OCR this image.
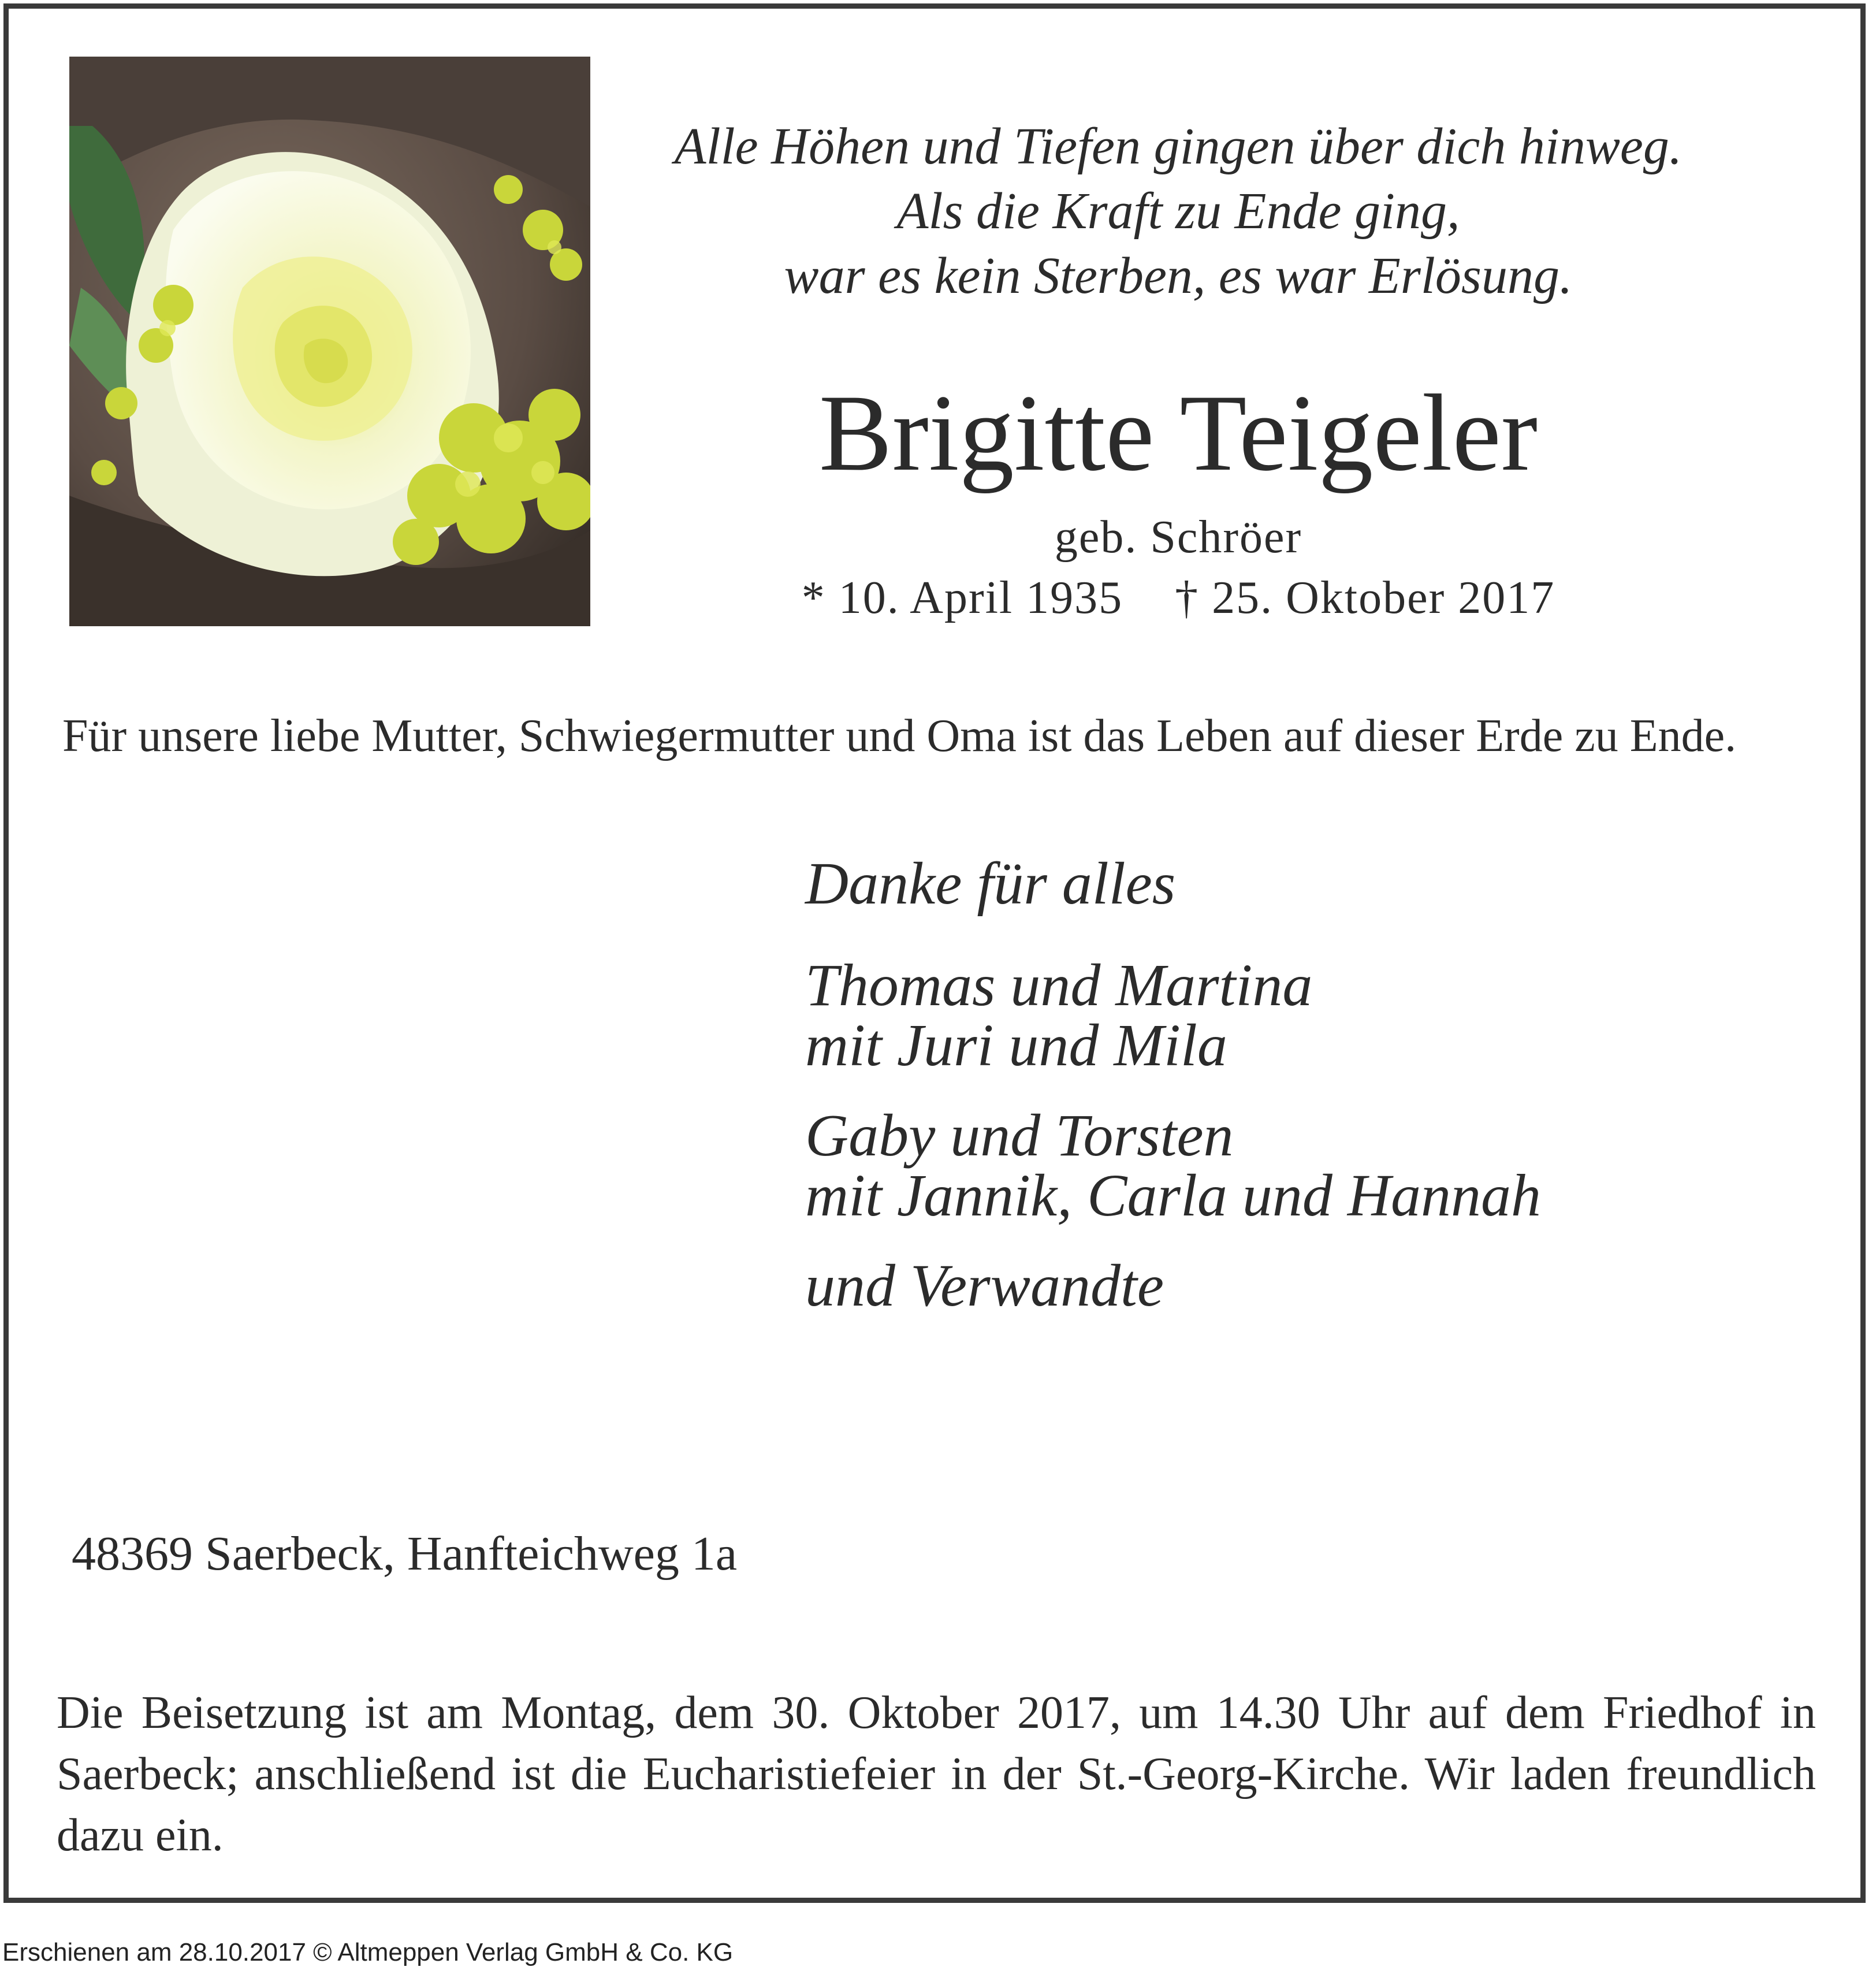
Alle Höhen und Tiefen gingen über dich hinweg.
Als die Kraft zu Ende ging,
war es kein Sterben, es war Erlösung.
Brigitte Teigeler
geb. Schröer
* 10. April 1935 † 25. Oktober 2017
Für unsere liebe Mutter, Schwiegermutter und Oma ist das Leben auf dieser Erde zu Ende.
Danke für alles
Thomas und Martina
mit Juri und Mila
Gaby und Torsten
mit Jannik, Carla und Hannah
und Verwandte
48369 Saerbeck, Hanfteichweg 1a
Die Beisetzung ist am Montag, dem 30. Oktober 2017, um 14.30 Uhr auf dem Friedhof in Saerbeck; anschließend ist die Eucharistiefeier in der St.-Georg-Kirche. Wir laden freundlich dazu ein.
Erschienen am 28.10.2017 © Altmeppen Verlag GmbH & Co. KG
